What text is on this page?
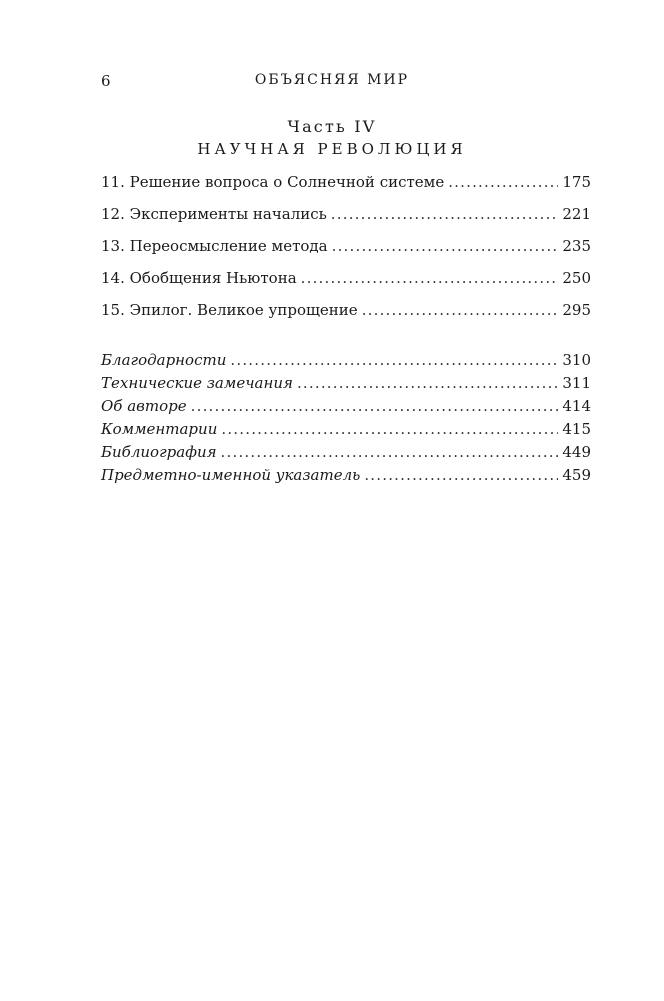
6	ОБЪЯСНЯЯ МИР
Часть IV
НАУЧНАЯ РЕВОЛЮЦИЯ
11. Решение вопроса о Солнечной системе .....	175
12. Эксперименты начались .....	221
13. Переосмысление метода .....	235
14. Обобщения Ньютона .....	250
15. Эпилог. Великое упрощение .....	295
Благодарности .....	310
Технические замечания .....	311
Об авторе .....	414
Комментарии .....	415
Библиография .....	449
Предметно-именной указатель .....	459
